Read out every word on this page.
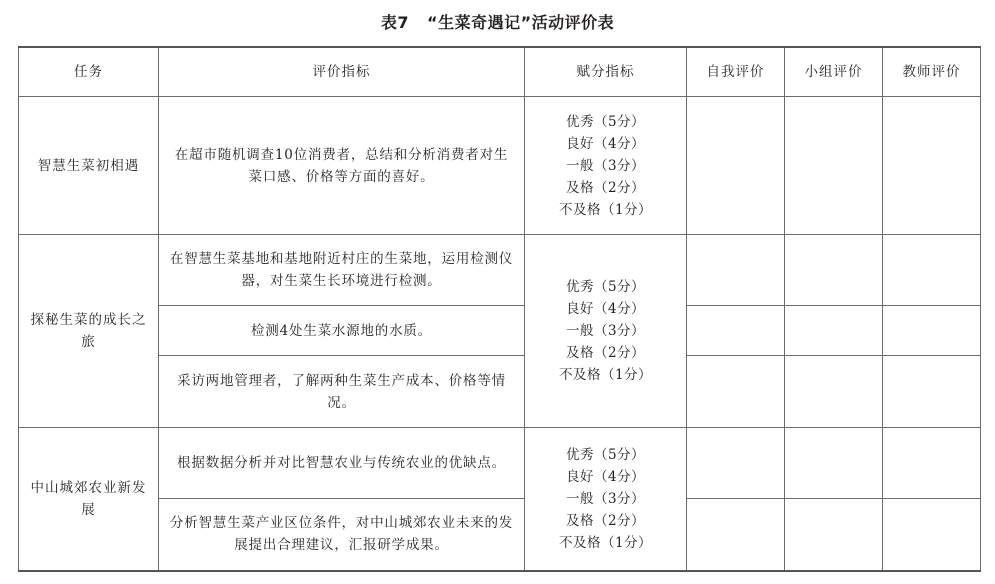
表7 “生菜奇遇记”活动评价表
任务	评价指标	赋分指标	自我评价	小组评价	教师评价
智慧生菜初相遇	在超市随机调查10位消费者，总结和分析消费者对生菜口感、价格等方面的喜好。	优秀（5分）
良好（4分）
一般（3分）
及格（2分）
不及格（1分）			

探秘生菜的成长之旅	在智慧生菜基地和基地附近村庄的生菜地，运用检测仪器，对生菜生长环境进行检测。	优秀（5分）
良好（4分）
一般（3分）
及格（2分）
不及格（1分）			

	检测4处生菜水源地的水质。				
	采访两地管理者，了解两种生菜生产成本、价格等情况。				
中山城郊农业新发展	根据数据分析并对比智慧农业与传统农业的优缺点。	优秀（5分）
良好（4分）
一般（3分）
及格（2分）
不及格（1分）			

	分析智慧生菜产业区位条件，对中山城郊农业未来的发展提出合理建议，汇报研学成果。				
